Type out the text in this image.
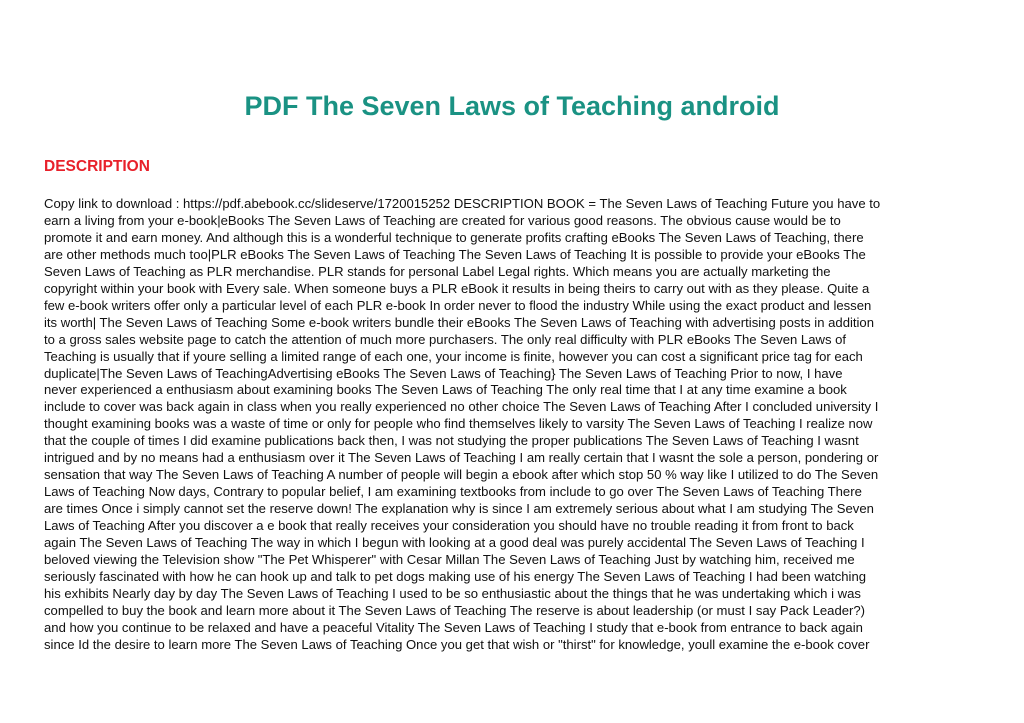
PDF The Seven Laws of Teaching android
DESCRIPTION
Copy link to download : https://pdf.abebook.cc/slideserve/1720015252 DESCRIPTION BOOK = The Seven Laws of Teaching Future you have to
earn a living from your e-book|eBooks The Seven Laws of Teaching are created for various good reasons. The obvious cause would be to
promote it and earn money. And although this is a wonderful technique to generate profits crafting eBooks The Seven Laws of Teaching, there
are other methods much too|PLR eBooks The Seven Laws of Teaching The Seven Laws of Teaching It is possible to provide your eBooks The
Seven Laws of Teaching as PLR merchandise. PLR stands for personal Label Legal rights. Which means you are actually marketing the
copyright within your book with Every sale. When someone buys a PLR eBook it results in being theirs to carry out with as they please. Quite a
few e-book writers offer only a particular level of each PLR e-book In order never to flood the industry While using the exact product and lessen
its worth| The Seven Laws of Teaching Some e-book writers bundle their eBooks The Seven Laws of Teaching with advertising posts in addition
to a gross sales website page to catch the attention of much more purchasers. The only real difficulty with PLR eBooks The Seven Laws of
Teaching is usually that if youre selling a limited range of each one, your income is finite, however you can cost a significant price tag for each
duplicate|The Seven Laws of TeachingAdvertising eBooks The Seven Laws of Teaching} The Seven Laws of Teaching Prior to now, I have
never experienced a enthusiasm about examining books The Seven Laws of Teaching The only real time that I at any time examine a book
include to cover was back again in class when you really experienced no other choice The Seven Laws of Teaching After I concluded university I
thought examining books was a waste of time or only for people who find themselves likely to varsity The Seven Laws of Teaching I realize now
that the couple of times I did examine publications back then, I was not studying the proper publications The Seven Laws of Teaching I wasnt
intrigued and by no means had a enthusiasm over it The Seven Laws of Teaching I am really certain that I wasnt the sole a person, pondering or
sensation that way The Seven Laws of Teaching A number of people will begin a ebook after which stop 50 % way like I utilized to do The Seven
Laws of Teaching Now days, Contrary to popular belief, I am examining textbooks from include to go over The Seven Laws of Teaching There
are times Once i simply cannot set the reserve down! The explanation why is since I am extremely serious about what I am studying The Seven
Laws of Teaching After you discover a e book that really receives your consideration you should have no trouble reading it from front to back
again The Seven Laws of Teaching The way in which I begun with looking at a good deal was purely accidental The Seven Laws of Teaching I
beloved viewing the Television show "The Pet Whisperer" with Cesar Millan The Seven Laws of Teaching Just by watching him, received me
seriously fascinated with how he can hook up and talk to pet dogs making use of his energy The Seven Laws of Teaching I had been watching
his exhibits Nearly day by day The Seven Laws of Teaching I used to be so enthusiastic about the things that he was undertaking which i was
compelled to buy the book and learn more about it The Seven Laws of Teaching The reserve is about leadership (or must I say Pack Leader?)
and how you continue to be relaxed and have a peaceful Vitality The Seven Laws of Teaching I study that e-book from entrance to back again
since Id the desire to learn more The Seven Laws of Teaching Once you get that wish or "thirst" for knowledge, youll examine the e-book cover
